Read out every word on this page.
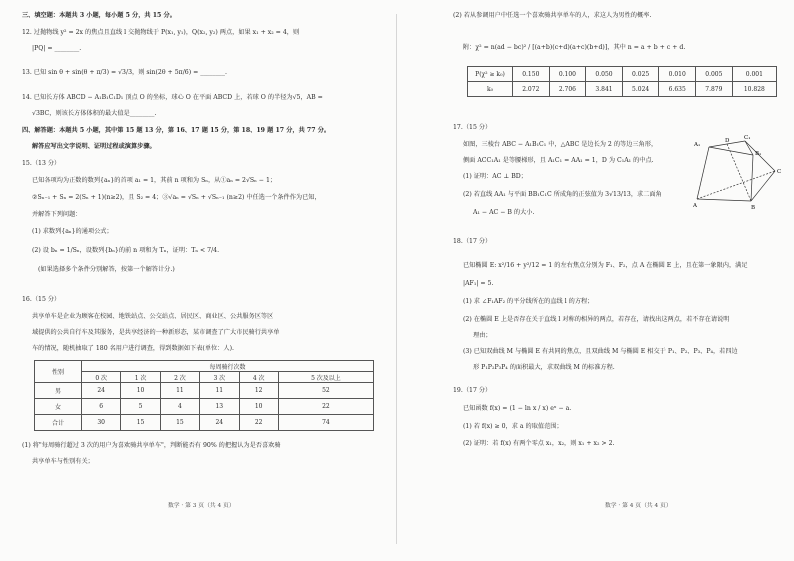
三、填空题：本题共 3 小题，每小题 5 分，共 15 分。
12. 过抛物线 y² = 2x 的焦点且直线 l 交抛物线于 P(x₁, y₁)，Q(x₂, y₂) 两点，如果 x₁ + x₂ = 4，则
|PQ| = ________.
13. 已知 sin θ + sin(θ + π/3) = √3/3，则 sin(2θ + 5π/6) = ________.
14. 已知长方体 ABCD − A₁B₁C₁D₁ 顶点 O 的坐标，球心 O 在平面 ABCD 上，若球 O 的半径为√5，AB =
√3BC，则该长方体体积的最大值是________.
四、解答题：本题共 5 小题，其中第 15 题 13 分，第 16、17 题 15 分，第 18、19 题 17 分，共 77 分。
解答应写出文字说明、证明过程或演算步骤。
15.（13 分）
已知各项均为正数的数列{aₙ}的首项 a₁ = 1，其前 n 项和为 Sₙ，从①aₙ = 2√Sₙ − 1；
②Sₙ₋₁ + Sₙ = 2(Sₙ + 1)(n≥2)，且 S₂ = 4；③√aₙ = √Sₙ + √Sₙ₋₁ (n≥2) 中任选一个条件作为已知，
并解答下列问题：
(1) 求数列{aₙ}的通项公式；
(2) 设 bₙ = 1/Sₙ，设数列{bₙ}的前 n 项和为 Tₙ，证明：Tₙ < 7/4.
(如果选择多个条件分别解答，按第一个解答计分.)
16.（15 分）
共享单车是企业为顾客在校园、地铁站点、公交站点、居民区、商业区、公共服务区等区
域提供的公共自行车及其服务，是共享经济的一种新形态，某市调查了广大市民骑行共享单
车的情况，随机抽取了 180 名用户进行调查，得到数据如下表(单位：人).
性别	每周骑行次数					
	0 次	1 次	2 次	3 次	4 次	5 次及以上
男	24	10	11	11	12	52
女	6	5	4	13	10	22
合计	30	15	15	24	22	74
(1) 将"每周骑行超过 3 次的用户为喜欢骑共享单车"，判断能否有 90% 的把握认为是否喜欢骑
共享单车与性别有关；
数学 · 第 3 页（共 4 页）
(2) 若从参调用户中任选一个喜欢骑共享单车的人，求这人为男性的概率.
附：χ² = n(ad − bc)² / [(a+b)(c+d)(a+c)(b+d)]，其中 n = a + b + c + d.
P(χ² ≥ k₀)	0.150	0.100	0.050	0.025	0.010	0.005	0.001
k₀	2.072	2.706	3.841	5.024	6.635	7.879	10.828
17.（15 分）
如图，三棱台 ABC − A₁B₁C₁ 中，△ABC 是边长为 2 的等边三角形，
侧面 ACC₁A₁ 是等腰梯形，且 A₁C₁ = AA₁ = 1，D 为 C₁A₁ 的中点.
(1) 证明：AC ⊥ BD；
(2) 若直线 AA₁ 与平面 BB₁C₁C 所成角的正弦值为 3√13/13，求二面角
A₁ − AC − B 的大小.
A₁
C₁
B₁
D
A	B
C
18.（17 分）
已知椭圆 E: x²/16 + y²/12 = 1 的左右焦点分别为 F₁、F₂，点 A 在椭圆 E 上，且在第一象限内，满足
|AF₁| = 5.
(1) 求 ∠F₁AF₂ 的平分线所在的直线 l 的方程；
(2) 在椭圆 E 上是否存在关于直线 l 对称的相异的两点，若存在，请找出这两点，若不存在请说明
理由；
(3) 已知双曲线 M 与椭圆 E 有共同的焦点，且双曲线 M 与椭圆 E 相交于 P₁、P₂、P₃、P₄，若四边
形 P₁P₂P₃P₄ 的面积最大，求双曲线 M 的标准方程.
19.（17 分）
已知函数 f(x) = (1 − ln x / x) eˣ − a.
(1) 若 f(x) ≥ 0，求 a 的取值范围；
(2) 证明：若 f(x) 有两个零点 x₁，x₂，则 x₁ + x₂ > 2.
数学 · 第 4 页（共 4 页）
